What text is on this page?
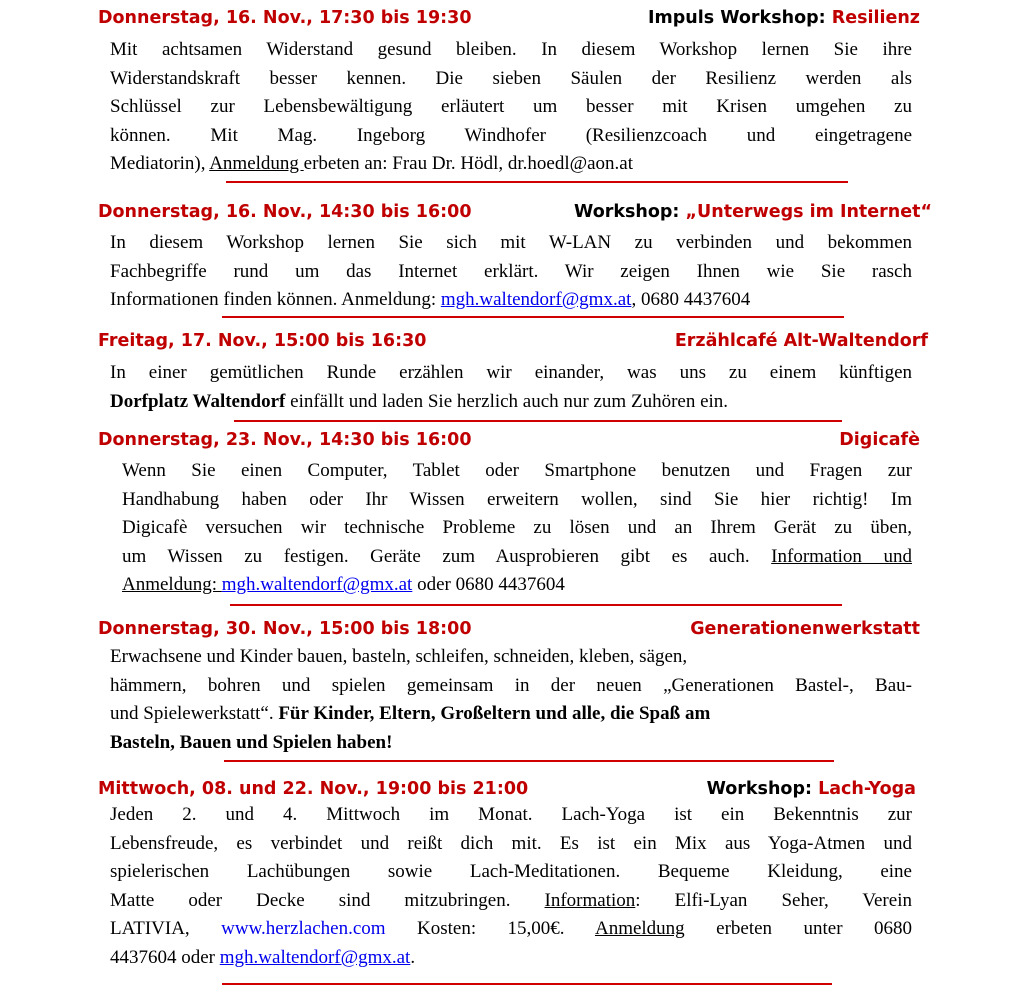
Donnerstag, 16. Nov., 17:30 bis 19:30	Impuls Workshop: Resilienz
Mit achtsamen Widerstand gesund bleiben. In diesem Workshop lernen Sie ihre
Widerstandskraft besser kennen. Die sieben Säulen der Resilienz werden als
Schlüssel zur Lebensbewältigung erläutert um besser mit Krisen umgehen zu
können. Mit Mag. Ingeborg Windhofer (Resilienzcoach und eingetragene
Mediatorin), Anmeldung erbeten an: Frau Dr. Hödl, dr.hoedl@aon.at
Donnerstag, 16. Nov., 14:30 bis 16:00	Workshop: „Unterwegs im Internet“
In diesem Workshop lernen Sie sich mit W-LAN zu verbinden und bekommen
Fachbegriffe rund um das Internet erklärt. Wir zeigen Ihnen wie Sie rasch
Informationen finden können. Anmeldung: mgh.waltendorf@gmx.at, 0680 4437604
Freitag, 17. Nov., 15:00 bis 16:30	Erzählcafé Alt-Waltendorf
In einer gemütlichen Runde erzählen wir einander, was uns zu einem künftigen
Dorfplatz Waltendorf einfällt und laden Sie herzlich auch nur zum Zuhören ein.
Donnerstag, 23. Nov., 14:30 bis 16:00	Digicafè
Wenn Sie einen Computer, Tablet oder Smartphone benutzen und Fragen zur
Handhabung haben oder Ihr Wissen erweitern wollen, sind Sie hier richtig! Im
Digicafè versuchen wir technische Probleme zu lösen und an Ihrem Gerät zu üben,
um Wissen zu festigen. Geräte zum Ausprobieren gibt es auch. Information und
Anmeldung: mgh.waltendorf@gmx.at oder 0680 4437604
Donnerstag, 30. Nov., 15:00 bis 18:00	Generationenwerkstatt
Erwachsene und Kinder bauen, basteln, schleifen, schneiden, kleben, sägen,
hämmern, bohren und spielen gemeinsam in der neuen „Generationen Bastel-, Bau-
und Spielewerkstatt“. Für Kinder, Eltern, Großeltern und alle, die Spaß am
Basteln, Bauen und Spielen haben!
Mittwoch, 08. und 22. Nov., 19:00 bis 21:00	Workshop: Lach-Yoga
Jeden 2. und 4. Mittwoch im Monat. Lach-Yoga ist ein Bekenntnis zur
Lebensfreude, es verbindet und reißt dich mit. Es ist ein Mix aus Yoga-Atmen und
spielerischen Lachübungen sowie Lach-Meditationen. Bequeme Kleidung, eine
Matte oder Decke sind mitzubringen. Information: Elfi-Lyan Seher, Verein
LATIVIA, www.herzlachen.com Kosten: 15,00€. Anmeldung erbeten unter 0680
4437604 oder mgh.waltendorf@gmx.at.
